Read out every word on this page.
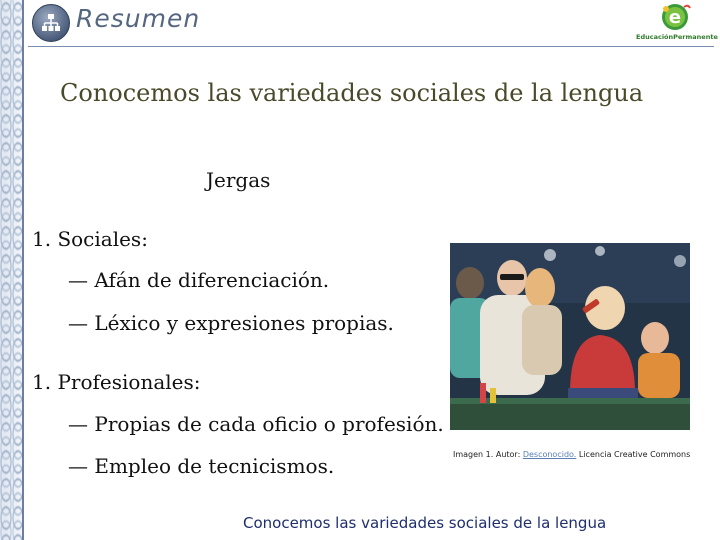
Resumen	e
EducaciónPermanente
Conocemos las variedades sociales de la lengua
Jergas
1. Sociales:
— Afán de diferenciación.
— Léxico y expresiones propias.
1. Profesionales:
— Propias de cada oficio o profesión.
— Empleo de tecnicismos.	Imagen 1. Autor: Desconocido. Licencia Creative Commons
Conocemos las variedades sociales de la lengua
